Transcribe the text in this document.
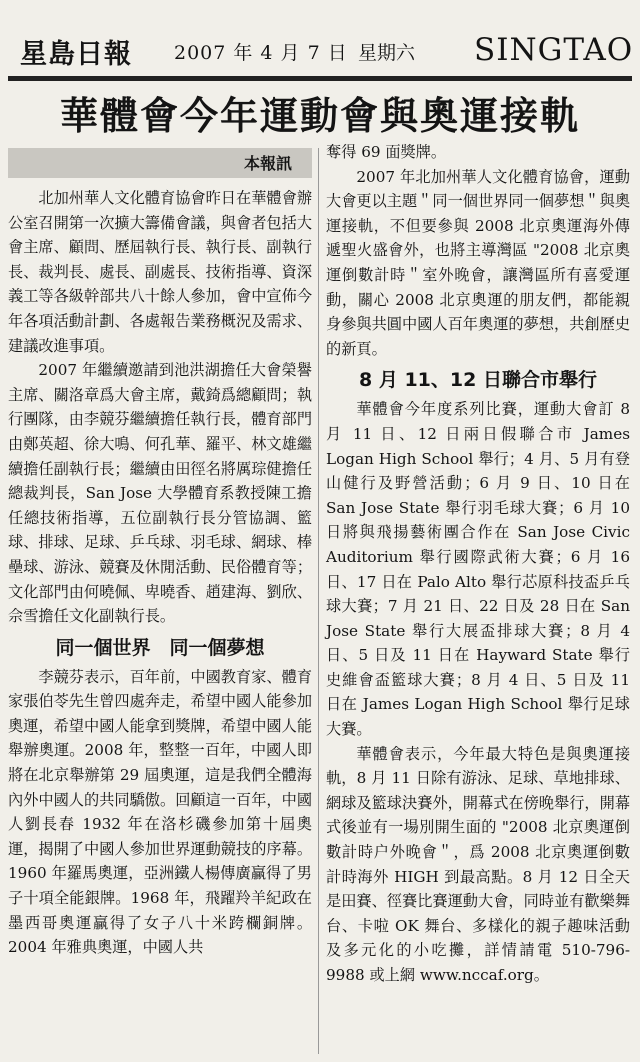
星島日報 2007 年 4 月 7 日 星期六 SINGTAO
華體會今年運動會與奧運接軌
本報訊

北加州華人文化體育協會昨日在華體會辦公室召開第一次擴大籌備會議，與會者包括大會主席、顧問、歷屆執行長、執行長、副執行長、裁判長、處長、副處長、技術指導、資深義工等各級幹部共八十餘人參加，會中宣佈今年各項活動計劃、各處報告業務概況及需求、建議改進事項。

2007 年繼續邀請到池洪湖擔任大會榮譽主席、關洛章爲大會主席，戴錡爲總顧問；執行團隊，由李競芬繼續擔任執行長，體育部門由鄭英超、徐大鳴、何孔華、羅平、林文雄繼續擔任副執行長；繼續由田徑名將厲琮健擔任總裁判長，San Jose 大學體育系教授陳工擔任總技術指導，五位副執行長分管協調、籃球、排球、足球、乒乓球、羽毛球、網球、棒壘球、游泳、競賽及休閒活動、民俗體育等；文化部門由何曉佩、卑曉香、趙建海、劉欣、佘雪擔任文化副執行長。

同一個世界　同一個夢想

李競芬表示，百年前，中國教育家、體育家張伯苓先生曾四處奔走，希望中國人能參加奧運，希望中國人能拿到獎牌，希望中國人能舉辦奧運。2008 年，整整一百年，中國人即將在北京舉辦第 29 屆奧運，這是我們全體海內外中國人的共同驕傲。回顧這一百年，中國人劉長春 1932 年在洛杉磯參加第十屆奧運，揭開了中國人參加世界運動競技的序幕。1960 年羅馬奧運，亞洲鐵人楊傳廣贏得了男子十項全能銀牌。1968 年，飛躍羚羊紀政在墨西哥奧運贏得了女子八十米跨欄銅牌。2004 年雅典奧運，中國人共

奪得 69 面獎牌。

2007 年北加州華人文化體育協會，運動大會更以主題＂同一個世界同一個夢想＂與奧運接軌，不但要參與 2008 北京奧運海外傳遞聖火盛會外，也將主導灣區 "2008 北京奧運倒數計時＂室外晚會，讓灣區所有喜愛運動，關心 2008 北京奧運的朋友們，都能親身參與共圓中國人百年奧運的夢想，共創歷史的新頁。

8 月 11、12 日聯合市舉行

華體會今年度系列比賽，運動大會訂 8 月 11 日、12 日兩日假聯合市 James Logan High School 舉行；4 月、5 月有登山健行及野營活動；6 月 9 日、10 日在 San Jose State 舉行羽毛球大賽；6 月 10 日將與飛揚藝術團合作在 San Jose Civic Auditorium 舉行國際武術大賽；6 月 16 日、17 日在 Palo Alto 舉行芯原科技盃乒乓球大賽；7 月 21 日、22 日及 28 日在 San Jose State 舉行大展盃排球大賽；8 月 4 日、5 日及 11 日在 Hayward State 舉行史維會盃籃球大賽；8 月 4 日、5 日及 11 日在 James Logan High School 舉行足球大賽。

華體會表示，今年最大特色是與奧運接軌，8 月 11 日除有游泳、足球、草地排球、網球及籃球決賽外，開幕式在傍晚舉行，開幕式後並有一場別開生面的 "2008 北京奧運倒數計時户外晚會＂，爲 2008 北京奧運倒數計時海外 HIGH 到最高點。8 月 12 日全天是田賽、徑賽比賽運動大會，同時並有歡樂舞台、卡啦 OK 舞台、多樣化的親子趣味活動及多元化的小吃攤，詳情請電 510-796-9988 或上網 www.nccaf.org。
